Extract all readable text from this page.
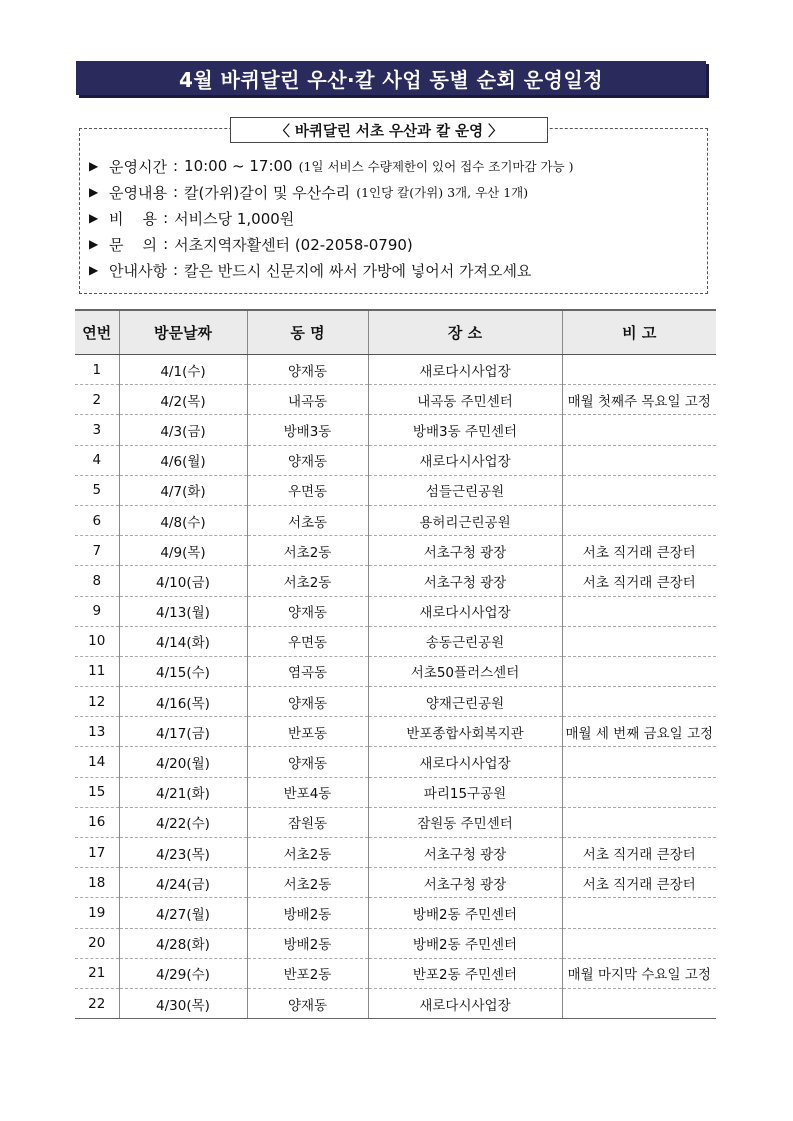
4월 바퀴달린 우산·칼 사업 동별 순회 운영일정
〈 바퀴달린 서초 우산과 칼 운영 〉
▶ 운영시간 : 10:00 ~ 17:00 (1일 서비스 수량제한이 있어 접수 조기마감 가능 )
▶ 운영내용 : 칼(가위)갈이 및 우산수리 (1인당 칼(가위) 3개, 우산 1개)
▶ 비    용 : 서비스당 1,000원
▶ 문    의 : 서초지역자활센터 (02-2058-0790)
▶ 안내사항 : 칼은 반드시 신문지에 싸서 가방에 넣어서 가져오세요
연번	방문날짜	동 명	장 소	비 고
1	4/1(수)	양재동	새로다시사업장	
2	4/2(목)	내곡동	내곡동 주민센터	매월 첫째주 목요일 고정
3	4/3(금)	방배3동	방배3동 주민센터	
4	4/6(월)	양재동	새로다시사업장	
5	4/7(화)	우면동	섬들근린공원	
6	4/8(수)	서초동	용허리근린공원	
7	4/9(목)	서초2동	서초구청 광장	서초 직거래 큰장터
8	4/10(금)	서초2동	서초구청 광장	서초 직거래 큰장터
9	4/13(월)	양재동	새로다시사업장	
10	4/14(화)	우면동	송동근린공원	
11	4/15(수)	염곡동	서초50플러스센터	
12	4/16(목)	양재동	양재근린공원	
13	4/17(금)	반포동	반포종합사회복지관	매월 세 번째 금요일 고정
14	4/20(월)	양재동	새로다시사업장	
15	4/21(화)	반포4동	파리15구공원	
16	4/22(수)	잠원동	잠원동 주민센터	
17	4/23(목)	서초2동	서초구청 광장	서초 직거래 큰장터
18	4/24(금)	서초2동	서초구청 광장	서초 직거래 큰장터
19	4/27(월)	방배2동	방배2동 주민센터	
20	4/28(화)	방배2동	방배2동 주민센터	
21	4/29(수)	반포2동	반포2동 주민센터	매월 마지막 수요일 고정
22	4/30(목)	양재동	새로다시사업장	
